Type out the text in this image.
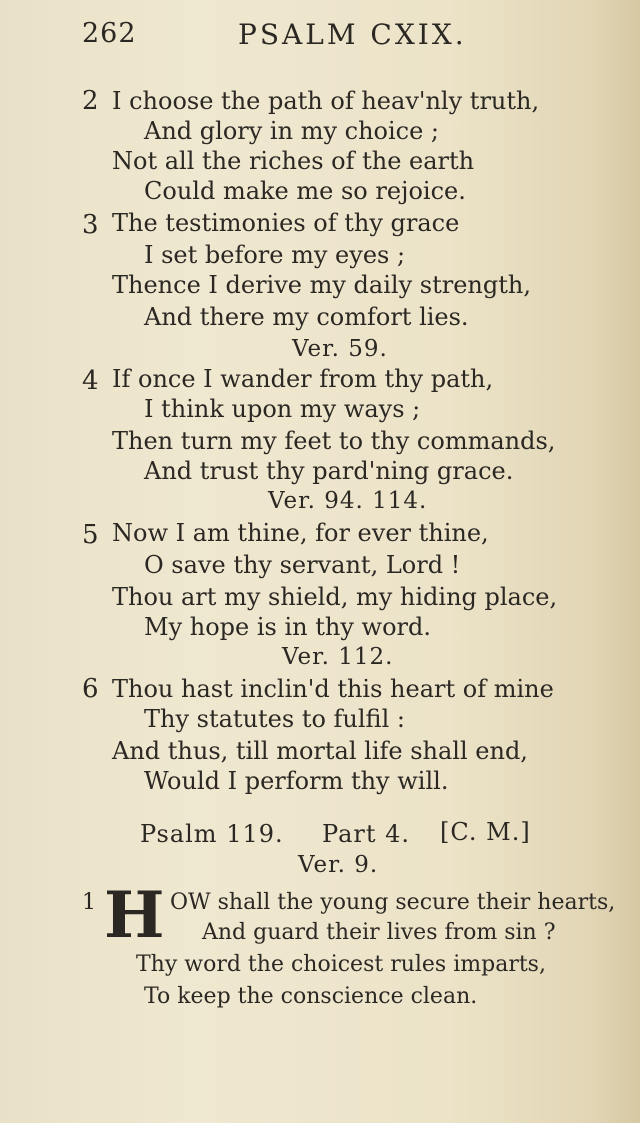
262	PSALM CXIX.
2 I choose the path of heav'nly truth,
And glory in my choice ;
Not all the riches of the earth
Could make me so rejoice.
3 The testimonies of thy grace
I set before my eyes ;
Thence I derive my daily strength,
And there my comfort lies.
Ver. 59.
4 If once I wander from thy path,
I think upon my ways ;
Then turn my feet to thy commands,
And trust thy pard'ning grace.
Ver. 94. 114.
5 Now I am thine, for ever thine,
O save thy servant, Lord !
Thou art my shield, my hiding place,
My hope is in thy word.
Ver. 112.
6 Thou hast inclin'd this heart of mine
Thy statutes to fulfil :
And thus, till mortal life shall end,
Would I perform thy will.
Psalm 119. Part 4. [C. M.]
Ver. 9.
1 H OW shall the young secure their hearts,
And guard their lives from sin ?
Thy word the choicest rules imparts,
To keep the conscience clean.
